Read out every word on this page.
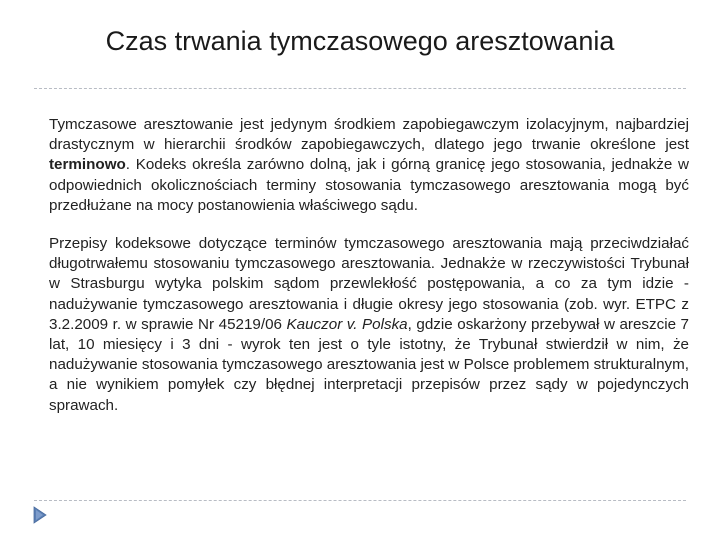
Czas trwania tymczasowego aresztowania

Tymczasowe aresztowanie jest jedynym środkiem zapobiegawczym izolacyjnym, najbardziej drastycznym w hierarchii środków zapobiegawczych, dlatego jego trwanie określone jest terminowo. Kodeks określa zarówno dolną, jak i górną granicę jego stosowania, jednakże w odpowiednich okolicznościach terminy stosowania tymczasowego aresztowania mogą być przedłużane na mocy postanowienia właściwego sądu.

Przepisy kodeksowe dotyczące terminów tymczasowego aresztowania mają przeciwdziałać długotrwałemu stosowaniu tymczasowego aresztowania. Jednakże w rzeczywistości Trybunał w Strasburgu wytyka polskim sądom przewlekłość postępowania, a co za tym idzie - nadużywanie tymczasowego aresztowania i długie okresy jego stosowania (zob. wyr. ETPC z 3.2.2009 r. w sprawie Nr 45219/06 Kauczor v. Polska, gdzie oskarżony przebywał w areszcie 7 lat, 10 miesięcy i 3 dni - wyrok ten jest o tyle istotny, że Trybunał stwierdził w nim, że nadużywanie stosowania tymczasowego aresztowania jest w Polsce problemem strukturalnym, a nie wynikiem pomyłek czy błędnej interpretacji przepisów przez sądy w pojedynczych sprawach.
